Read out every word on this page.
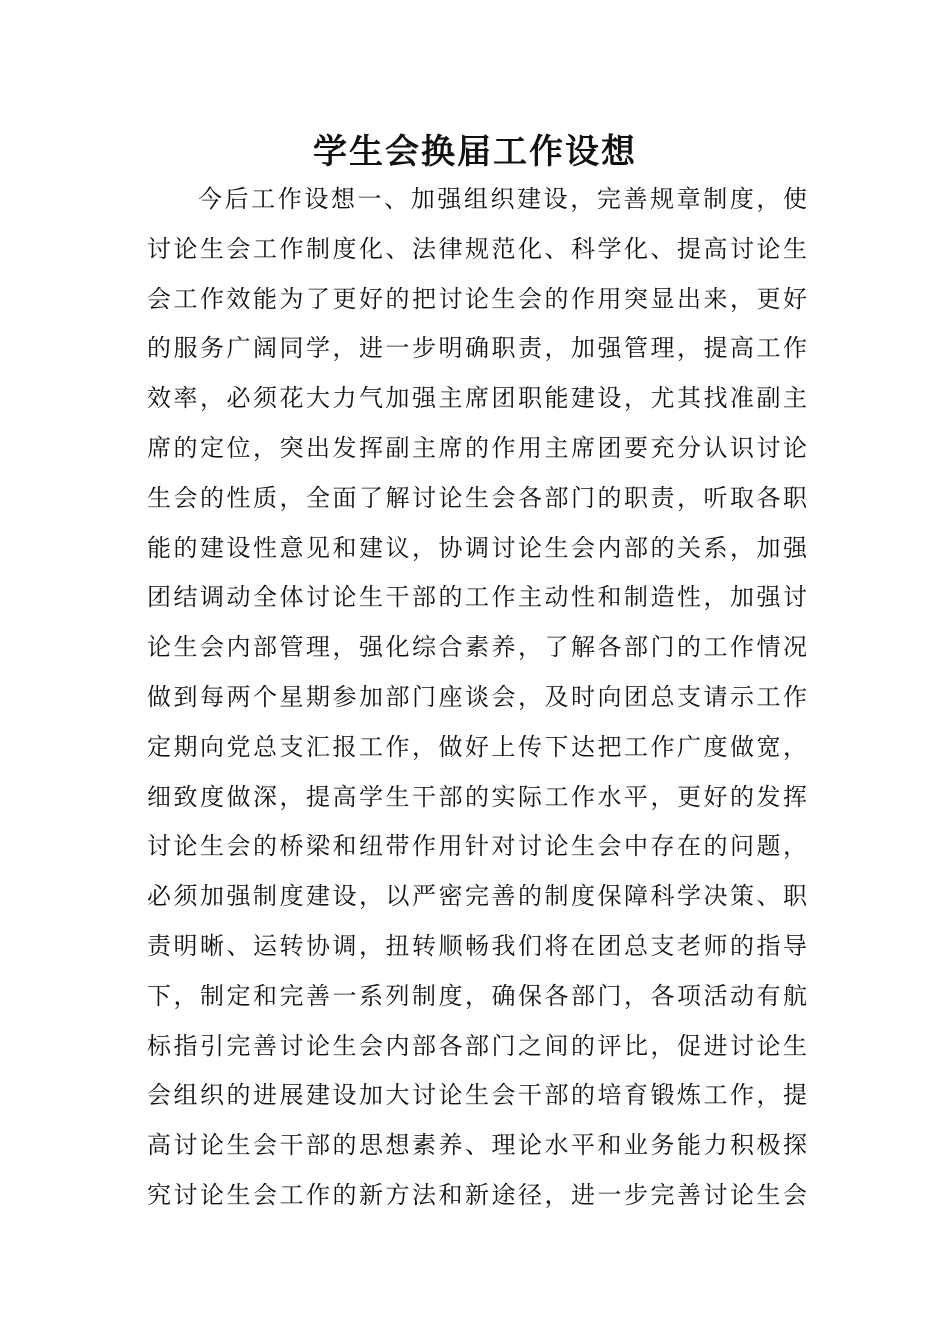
学生会换届工作设想
今后工作设想一、加强组织建设，完善规章制度，使
讨论生会工作制度化、法律规范化、科学化、提高讨论生
会工作效能为了更好的把讨论生会的作用突显出来，更好
的服务广阔同学，进一步明确职责，加强管理，提高工作
效率，必须花大力气加强主席团职能建设，尤其找准副主
席的定位，突出发挥副主席的作用主席团要充分认识讨论
生会的性质，全面了解讨论生会各部门的职责，听取各职
能的建设性意见和建议，协调讨论生会内部的关系，加强
团结调动全体讨论生干部的工作主动性和制造性，加强讨
论生会内部管理，强化综合素养，了解各部门的工作情况
做到每两个星期参加部门座谈会，及时向团总支请示工作
定期向党总支汇报工作，做好上传下达把工作广度做宽，
细致度做深，提高学生干部的实际工作水平，更好的发挥
讨论生会的桥梁和纽带作用针对讨论生会中存在的问题，
必须加强制度建设，以严密完善的制度保障科学决策、职
责明晰、运转协调，扭转顺畅我们将在团总支老师的指导
下，制定和完善一系列制度，确保各部门，各项活动有航
标指引完善讨论生会内部各部门之间的评比，促进讨论生
会组织的进展建设加大讨论生会干部的培育锻炼工作，提
高讨论生会干部的思想素养、理论水平和业务能力积极探
究讨论生会工作的新方法和新途径，进一步完善讨论生会
